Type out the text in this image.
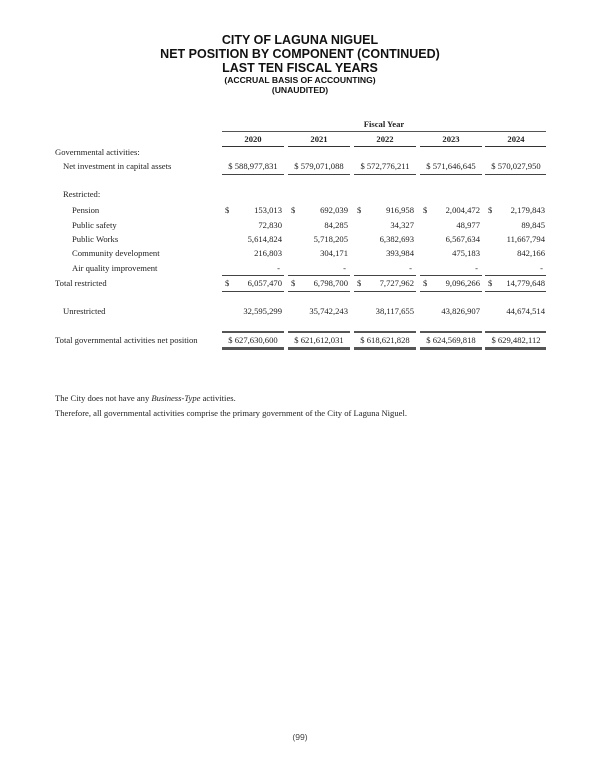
CITY OF LAGUNA NIGUEL
NET POSITION BY COMPONENT (CONTINUED)
LAST TEN FISCAL YEARS
(ACCRUAL BASIS OF ACCOUNTING)
(UNAUDITED)
Fiscal Year
2020	2021	2022	2023	2024
Governmental activities:
Net investment in capital assets	$ 588,977,831	$ 579,071,088	$ 572,776,211	$ 571,646,645	$ 570,027,950
Restricted:
Pension	$	153,013 $	692,039 $	916,958 $ 2,004,472 $ 2,179,843
Public safety	72,830	84,285	34,327	48,977	89,845
Public Works	5,614,824	5,718,205	6,382,693	6,567,634	11,667,794
Community development	216,803	304,171	393,984	475,183	842,166
Air quality improvement	-	-	-	-	-
Total restricted	$ 6,057,470 $ 6,798,700 $ 7,727,962 $ 9,096,266 $ 14,779,648
Unrestricted	32,595,299	35,742,243	38,117,655	43,826,907	44,674,514
Total governmental activities net position	$ 627,630,600	$ 621,612,031	$ 618,621,828	$ 624,569,818	$ 629,482,112
The City does not have any Business-Type activities.
Therefore, all governmental activities comprise the primary government of the City of Laguna Niguel.
(99)
